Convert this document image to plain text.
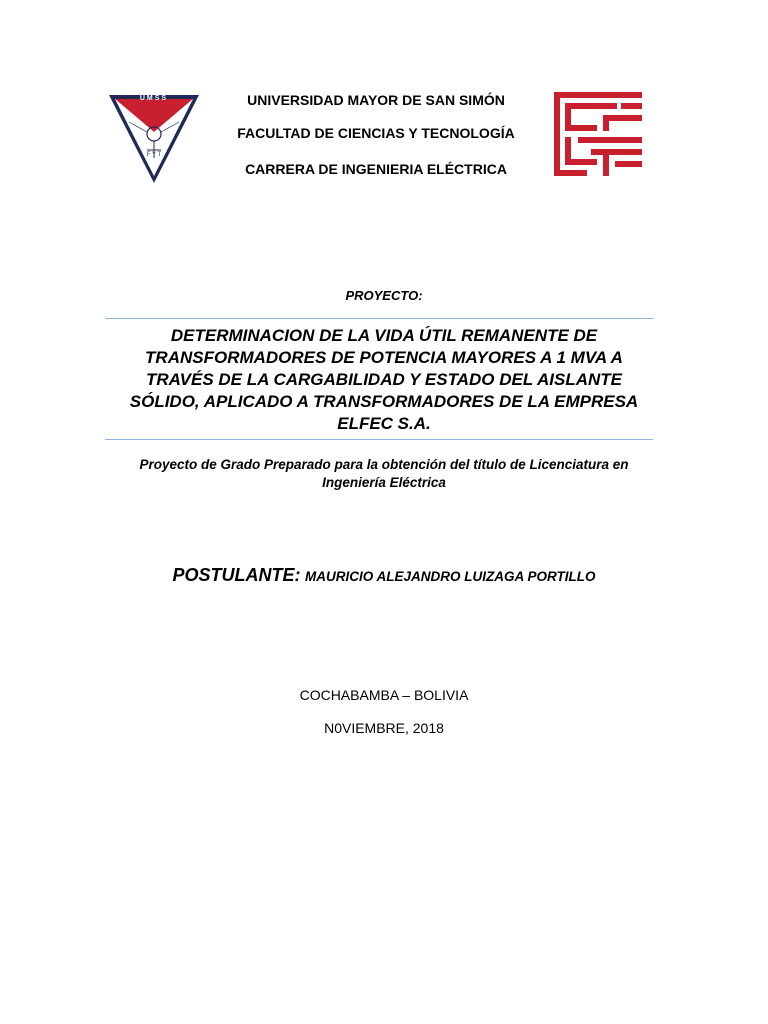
F Y T
UMSS	UNIVERSIDAD MAYOR DE SAN SIMÓN
FACULTAD DE CIENCIAS Y TECNOLOGÍA
CARRERA DE INGENIERIA ELÉCTRICA
PROYECTO:
DETERMINACION DE LA VIDA ÚTIL REMANENTE DE TRANSFORMADORES DE POTENCIA MAYORES A 1 MVA A TRAVÉS DE LA CARGABILIDAD Y ESTADO DEL AISLANTE SÓLIDO, APLICADO A TRANSFORMADORES DE LA EMPRESA ELFEC S.A.
Proyecto de Grado Preparado para la obtención del título de Licenciatura en Ingeniería Eléctrica
POSTULANTE: MAURICIO ALEJANDRO LUIZAGA PORTILLO
COCHABAMBA – BOLIVIA
N0VIEMBRE, 2018
